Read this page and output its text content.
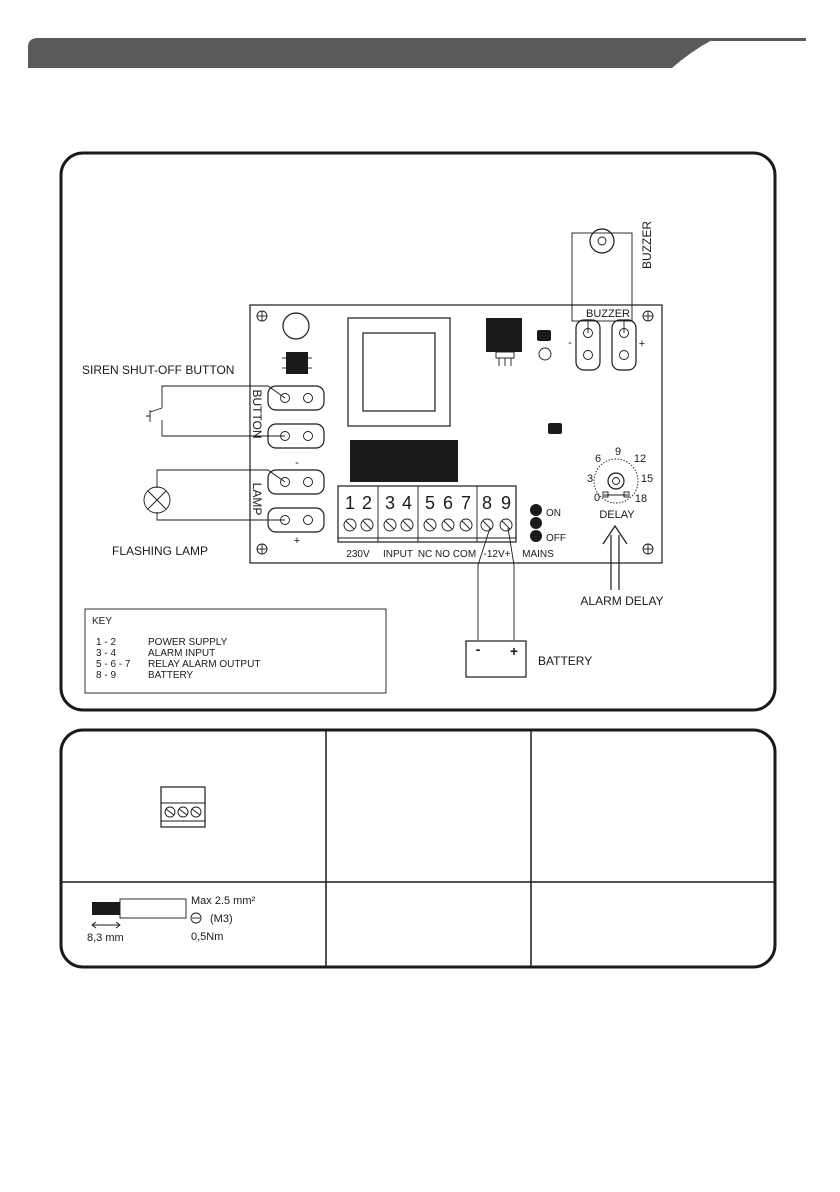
BUTTON
LAMP
-
+
BUZZER
-	+
1 2 3 4 5 6 7 8 9
230V INPUT NC NO COM -12V+ MAINS
ON
OFF
0
3
6
9
12
15
18
DELAY
BUZZER
SIREN SHUT-OFF BUTTON
FLASHING LAMP
ALARM DELAY
- +
BATTERY
KEY
1 - 2	POWER SUPPLY
3 - 4	ALARM INPUT
5 - 6 - 7 RELAY ALARM OUTPUT
8 - 9	BATTERY
8,3 mm
Max 2.5 mm²
(M3)
0,5Nm
